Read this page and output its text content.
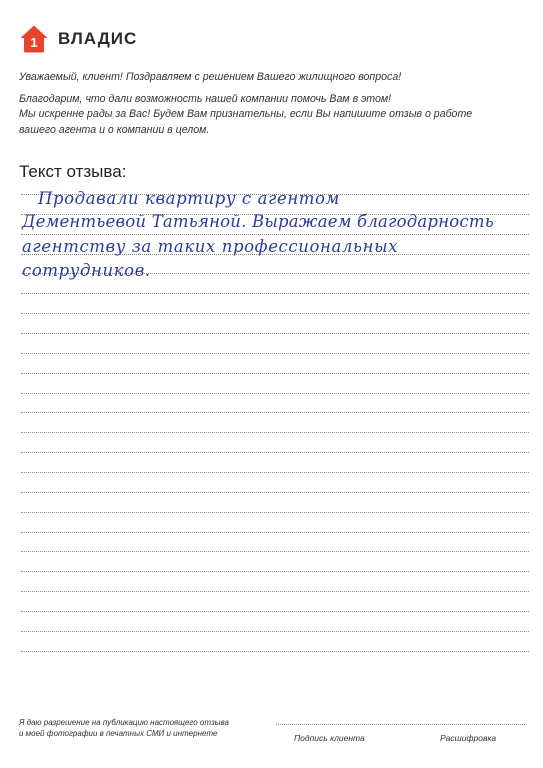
1 ВЛАДИС

Уважаемый, клиент! Поздравляем с решением Вашего жилищного вопроса!

Благодарим, что дали возможность нашей компании помочь Вам в этом!

Мы искренне рады за Вас! Будем Вам признательны, если Вы напишите отзыв о работе

вашего агента и о компании в целом.

Текст отзыва:
Продавали квартиру с агентом
Дементьевой Татьяной. Выражаем благодарность
агентству за таких профессиональных
сотрудников.

Я даю разрешение на публикацию настоящего отзыва

и моей фотографии в печатных СМИ и интернете	Подпись клиента	Расшифровка
